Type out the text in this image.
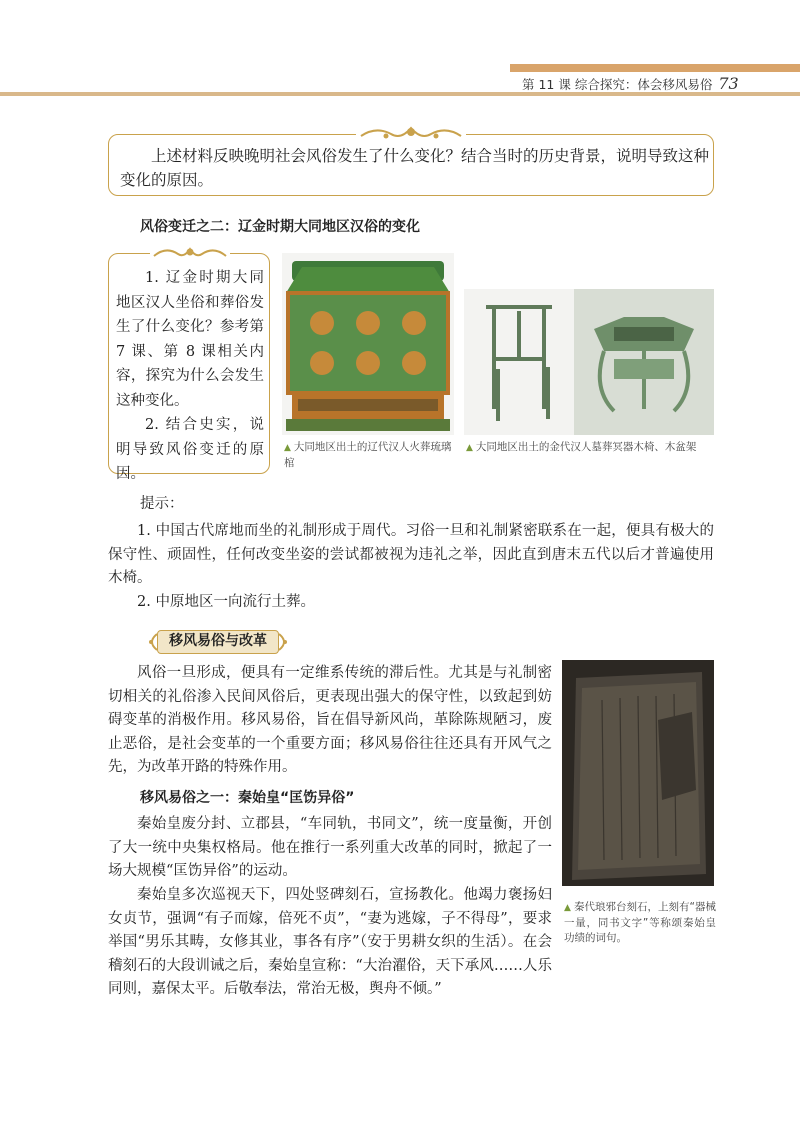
第 11 课 综合探究：体会移风易俗 73
上述材料反映晚明社会风俗发生了什么变化？结合当时的历史背景，说明导致这种变化的原因。
风俗变迁之二：辽金时期大同地区汉俗的变化

1. 辽金时期大同地区汉人坐俗和葬俗发生了什么变化？参考第 7 课、第 8 课相关内容，探究为什么会发生这种变化。

2. 结合史实，说明导致风俗变迁的原因。

▲ 大同地区出土的辽代汉人火葬琉璃棺
▲ 大同地区出土的金代汉人墓葬冥器木椅、木盆架
提示：

1. 中国古代席地而坐的礼制形成于周代。习俗一旦和礼制紧密联系在一起，便具有极大的保守性、顽固性，任何改变坐姿的尝试都被视为违礼之举，因此直到唐末五代以后才普遍使用木椅。

2. 中原地区一向流行土葬。

移风易俗与改革

风俗一旦形成，便具有一定维系传统的滞后性。尤其是与礼制密切相关的礼俗渗入民间风俗后，更表现出强大的保守性，以致起到妨碍变革的消极作用。移风易俗，旨在倡导新风尚，革除陈规陋习，废止恶俗，是社会变革的一个重要方面；移风易俗往往还具有开风气之先，为改革开路的特殊作用。

移风易俗之一：秦始皇“匡饬异俗”

秦始皇废分封、立郡县，“车同轨，书同文”，统一度量衡，开创了大一统中央集权格局。他在推行一系列重大改革的同时，掀起了一场大规模“匡饬异俗”的运动。

秦始皇多次巡视天下，四处竖碑刻石，宣扬教化。他竭力褒扬妇女贞节，强调“有子而嫁，倍死不贞”，“妻为逃嫁，子不得母”，要求举国“男乐其畴，女修其业，事各有序”（安于男耕女织的生活）。在会稽刻石的大段训诫之后，秦始皇宣称：“大治濯俗，天下承风……人乐同则，嘉保太平。后敬奉法，常治无极，舆舟不倾。”

▲ 秦代琅邪台刻石，上刻有“器械一量，同书文字”等称颂秦始皇功绩的词句。
